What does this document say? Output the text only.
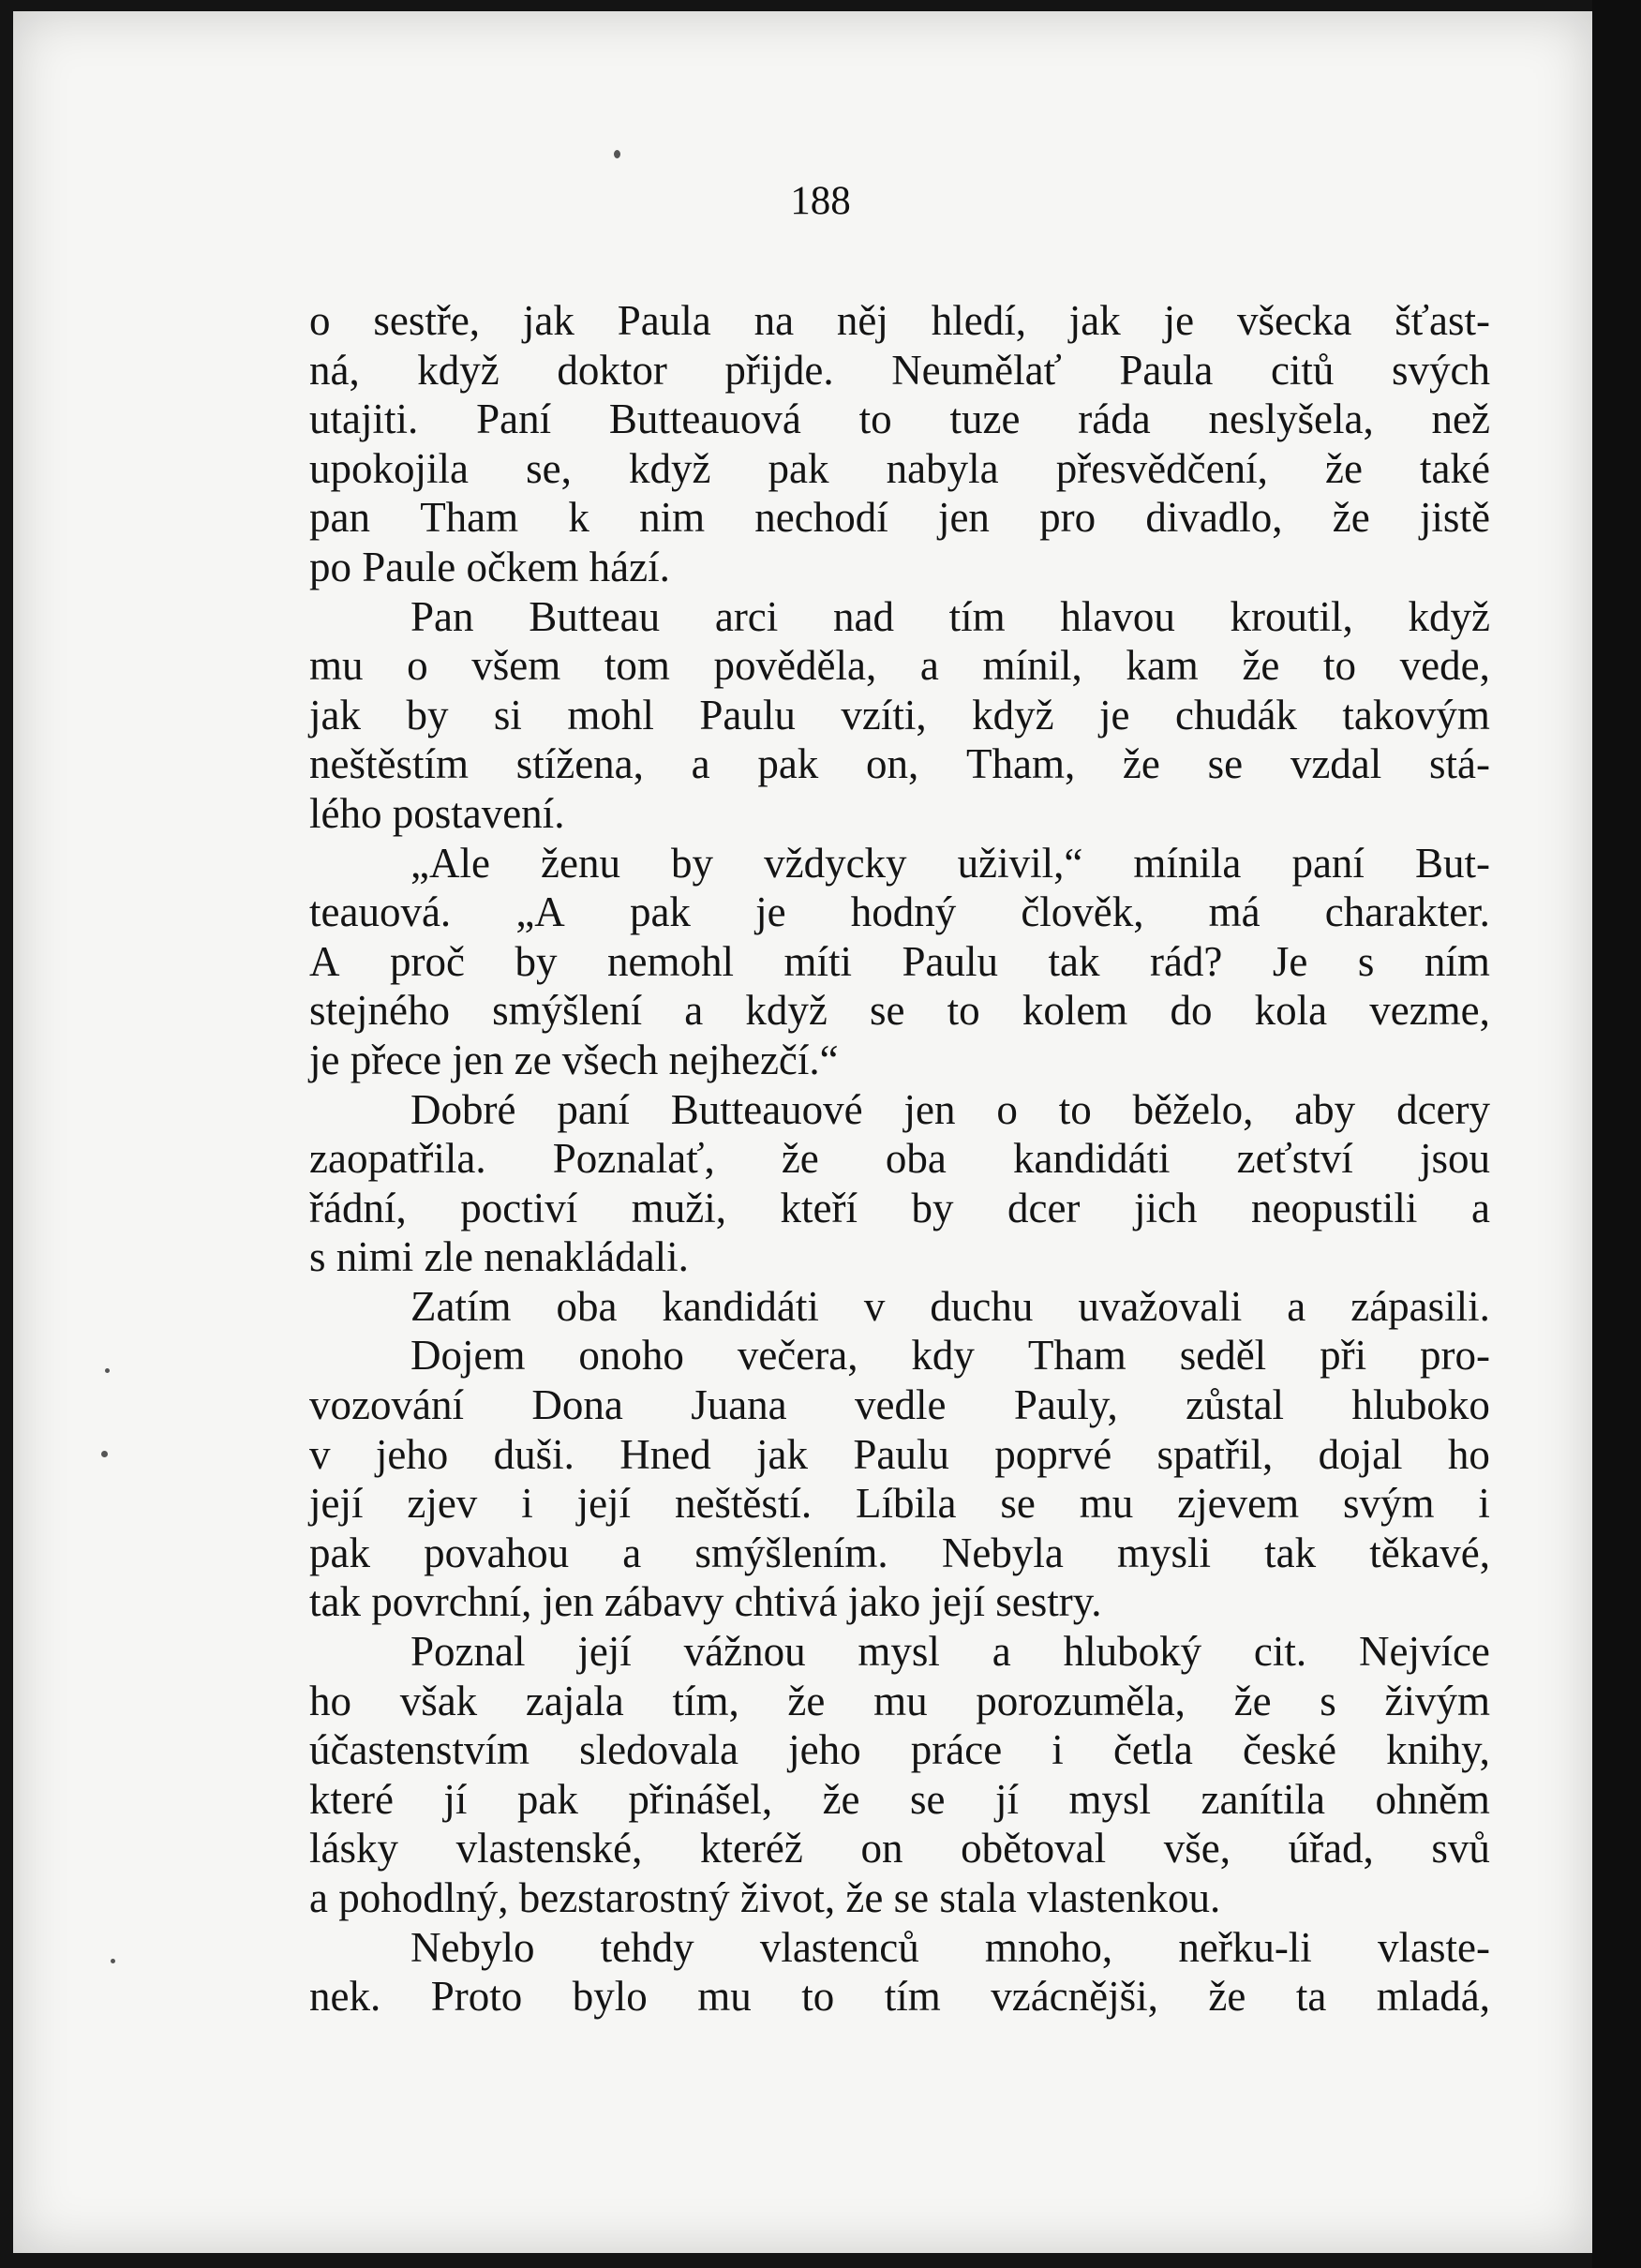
188
o sestře, jak Paula na něj hledí, jak je všecka šťast-
ná, když doktor přijde. Neumělať Paula citů svých
utajiti. Paní Butteauová to tuze ráda neslyšela, než
upokojila se, když pak nabyla přesvědčení, že také
pan Tham k nim nechodí jen pro divadlo, že jistě
po Paule očkem hází.
Pan Butteau arci nad tím hlavou kroutil, když
mu o všem tom pověděla, a mínil, kam že to vede,
jak by si mohl Paulu vzíti, když je chudák takovým
neštěstím stížena, a pak on, Tham, že se vzdal stá-
lého postavení.
„Ale ženu by vždycky uživil,“ mínila paní But-
teauová. „A pak je hodný člověk, má charakter.
A proč by nemohl míti Paulu tak rád? Je s ním
stejného smýšlení a když se to kolem do kola vezme,
je přece jen ze všech nejhezčí.“
Dobré paní Butteauové jen o to běželo, aby dcery
zaopatřila. Poznalať, že oba kandidáti zeťství jsou
řádní, poctiví muži, kteří by dcer jich neopustili a
s nimi zle nenakládali.
Zatím oba kandidáti v duchu uvažovali a zápasili.
Dojem onoho večera, kdy Tham seděl při pro-
vozování Dona Juana vedle Pauly, zůstal hluboko
v jeho duši. Hned jak Paulu poprvé spatřil, dojal ho
její zjev i její neštěstí. Líbila se mu zjevem svým i
pak povahou a smýšlením. Nebyla mysli tak těkavé,
tak povrchní, jen zábavy chtivá jako její sestry.
Poznal její vážnou mysl a hluboký cit. Nejvíce
ho však zajala tím, že mu porozuměla, že s živým
účastenstvím sledovala jeho práce i četla české knihy,
které jí pak přinášel, že se jí mysl zanítila ohněm
lásky vlastenské, kteréž on obětoval vše, úřad, svů
a pohodlný, bezstarostný život, že se stala vlastenkou.
Nebylo tehdy vlastenců mnoho, neřku-li vlaste-
nek. Proto bylo mu to tím vzácnějši, že ta mladá,
